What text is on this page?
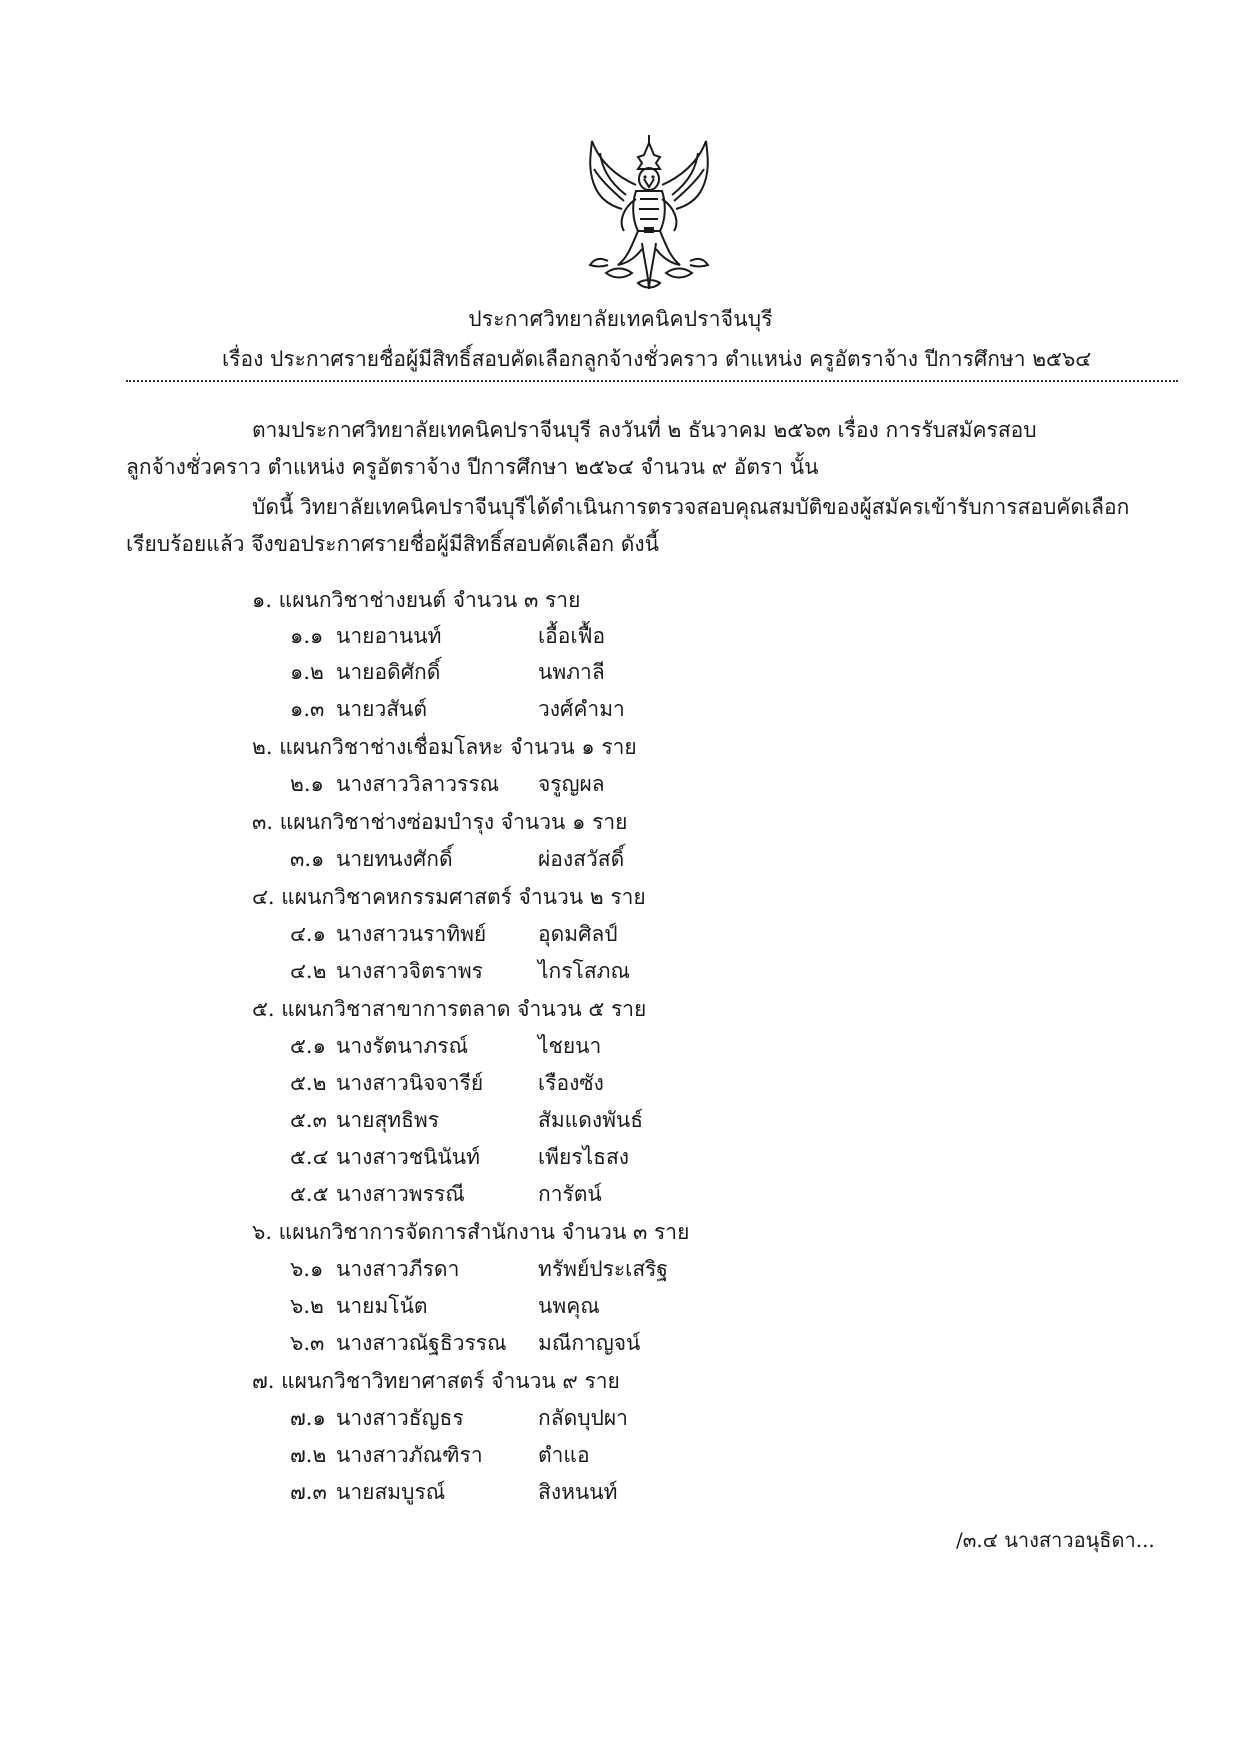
ประกาศวิทยาลัยเทคนิคปราจีนบุรี
เรื่อง ประกาศรายชื่อผู้มีสิทธิ์สอบคัดเลือกลูกจ้างชั่วคราว ตำแหน่ง ครูอัตราจ้าง ปีการศึกษา ๒๕๖๔
ตามประกาศวิทยาลัยเทคนิคปราจีนบุรี ลงวันที่ ๒ ธันวาคม ๒๕๖๓ เรื่อง การรับสมัครสอบ
ลูกจ้างชั่วคราว ตำแหน่ง ครูอัตราจ้าง ปีการศึกษา ๒๕๖๔ จำนวน ๙ อัตรา นั้น
บัดนี้ วิทยาลัยเทคนิคปราจีนบุรีได้ดำเนินการตรวจสอบคุณสมบัติของผู้สมัครเข้ารับการสอบคัดเลือก
เรียบร้อยแล้ว จึงขอประกาศรายชื่อผู้มีสิทธิ์สอบคัดเลือก ดังนี้
๑. แผนกวิชาช่างยนต์ จำนวน ๓ ราย
๑.๑ นายอานนท์	เอื้อเฟื้อ
๑.๒ นายอดิศักดิ์	นพภาลี
๑.๓ นายวสันต์	วงศ์คำมา
๒. แผนกวิชาช่างเชื่อมโลหะ จำนวน ๑ ราย
๒.๑ นางสาววิลาวรรณ จรูญผล
๓. แผนกวิชาช่างซ่อมบำรุง จำนวน ๑ ราย
๓.๑ นายทนงศักดิ์	ผ่องสวัสดิ์
๔. แผนกวิชาคหกรรมศาสตร์ จำนวน ๒ ราย
๔.๑ นางสาวนราทิพย์ อุดมศิลป์
๔.๒ นางสาวจิตราพร	ไกรโสภณ
๕. แผนกวิชาสาขาการตลาด จำนวน ๕ ราย
๕.๑ นางรัตนาภรณ์	ไชยนา
๕.๒ นางสาวนิจจารีย์	เรืองซัง
๕.๓ นายสุทธิพร	สัมแดงพันธ์
๕.๔ นางสาวชนินันท์	เพียรไธสง
๕.๕ นางสาวพรรณี	การัตน์
๖. แผนกวิชาการจัดการสำนักงาน จำนวน ๓ ราย
๖.๑ นางสาวภีรดา	ทรัพย์ประเสริฐ
๖.๒ นายมโน้ต	นพคุณ
๖.๓ นางสาวณัฐธิวรรณ มณีกาญจน์
๗. แผนกวิชาวิทยาศาสตร์ จำนวน ๙ ราย
๗.๑ นางสาวธัญธร	กลัดบุปผา
๗.๒ นางสาวภัณฑิรา	ตำแอ
๗.๓ นายสมบูรณ์	สิงหนนท์
/๓.๔ นางสาวอนุธิดา...
